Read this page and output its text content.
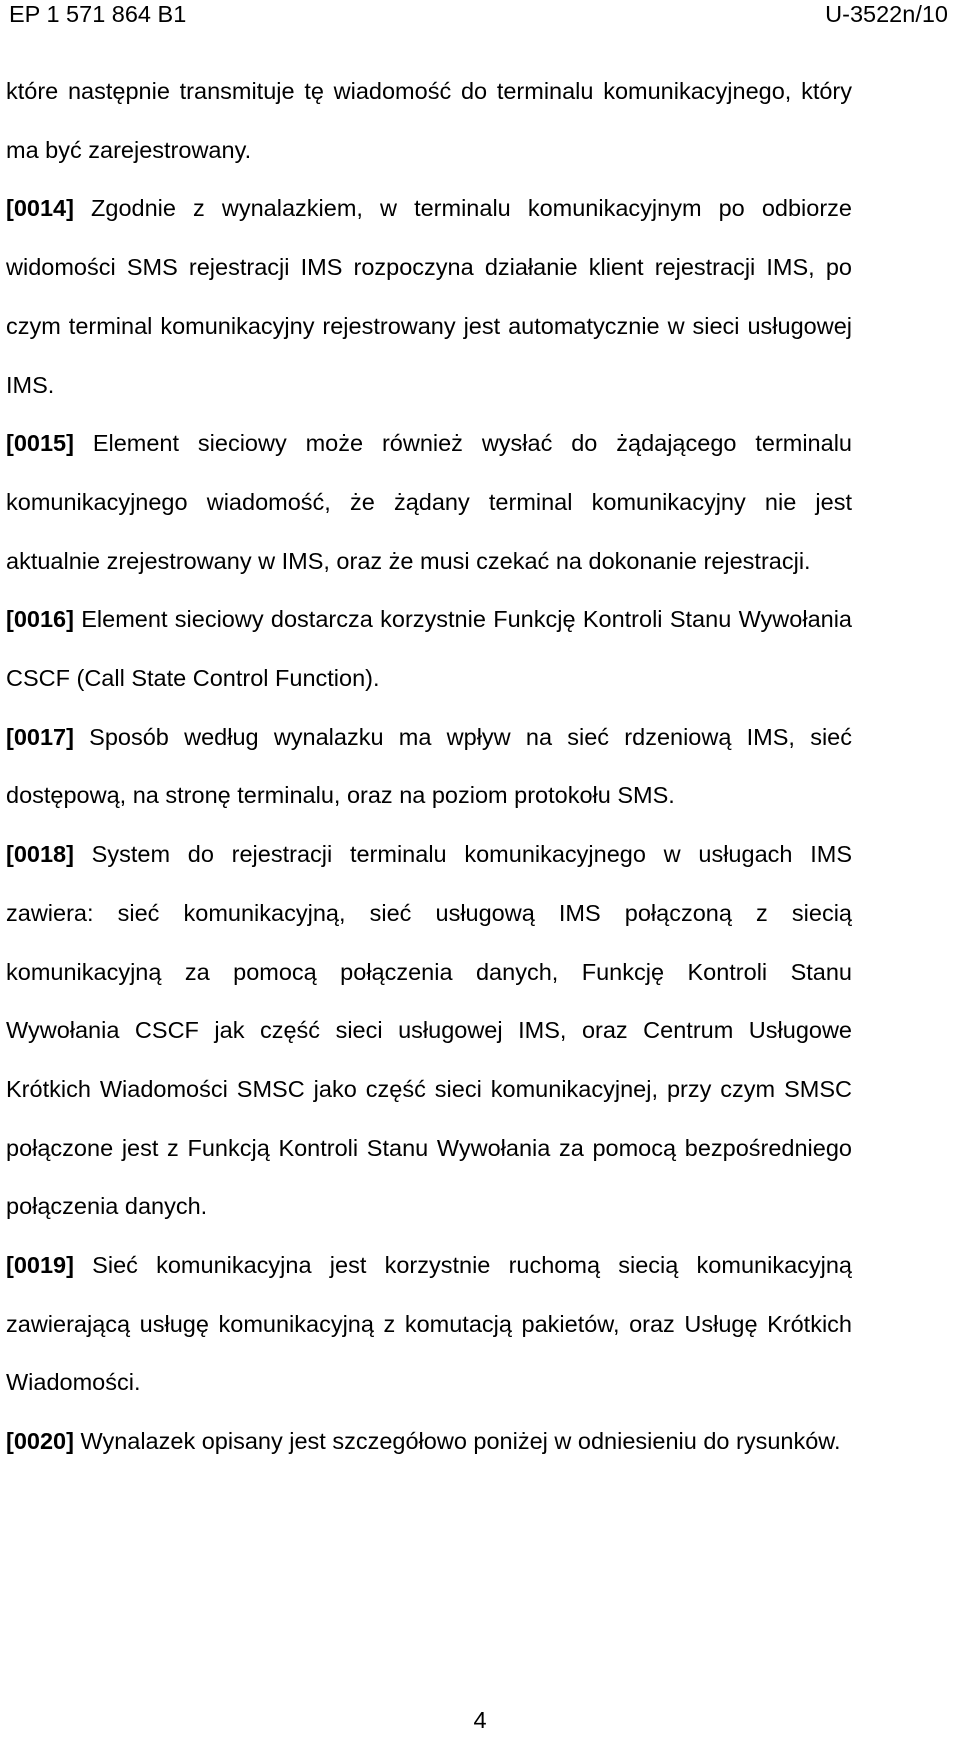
EP 1 571 864 B1	U-3522n/10

które następnie transmituje tę wiadomość do terminalu komunikacyjnego, który ma być zarejestrowany.

[0014] Zgodnie z wynalazkiem, w terminalu komunikacyjnym po odbiorze widomości SMS rejestracji IMS rozpoczyna działanie klient rejestracji IMS, po czym terminal komunikacyjny rejestrowany jest automatycznie w sieci usługowej IMS.

[0015] Element sieciowy może również wysłać do żądającego terminalu komunikacyjnego wiadomość, że żądany terminal komunikacyjny nie jest aktualnie zrejestrowany w IMS, oraz że musi czekać na dokonanie rejestracji.

[0016] Element sieciowy dostarcza korzystnie Funkcję Kontroli Stanu Wywołania CSCF (Call State Control Function).

[0017] Sposób według wynalazku ma wpływ na sieć rdzeniową IMS, sieć dostępową, na stronę terminalu, oraz na poziom protokołu SMS.

[0018] System do rejestracji terminalu komunikacyjnego w usługach IMS zawiera: sieć komunikacyjną, sieć usługową IMS połączoną z siecią komunikacyjną za pomocą połączenia danych, Funkcję Kontroli Stanu Wywołania CSCF jak część sieci usługowej IMS, oraz Centrum Usługowe Krótkich Wiadomości SMSC jako część sieci komunikacyjnej, przy czym SMSC połączone jest z Funkcją Kontroli Stanu Wywołania za pomocą bezpośredniego połączenia danych.

[0019] Sieć komunikacyjna jest korzystnie ruchomą siecią komunikacyjną zawierającą usługę komunikacyjną z komutacją pakietów, oraz Usługę Krótkich Wiadomości.

[0020] Wynalazek opisany jest szczegółowo poniżej w odniesieniu do rysunków.

4
